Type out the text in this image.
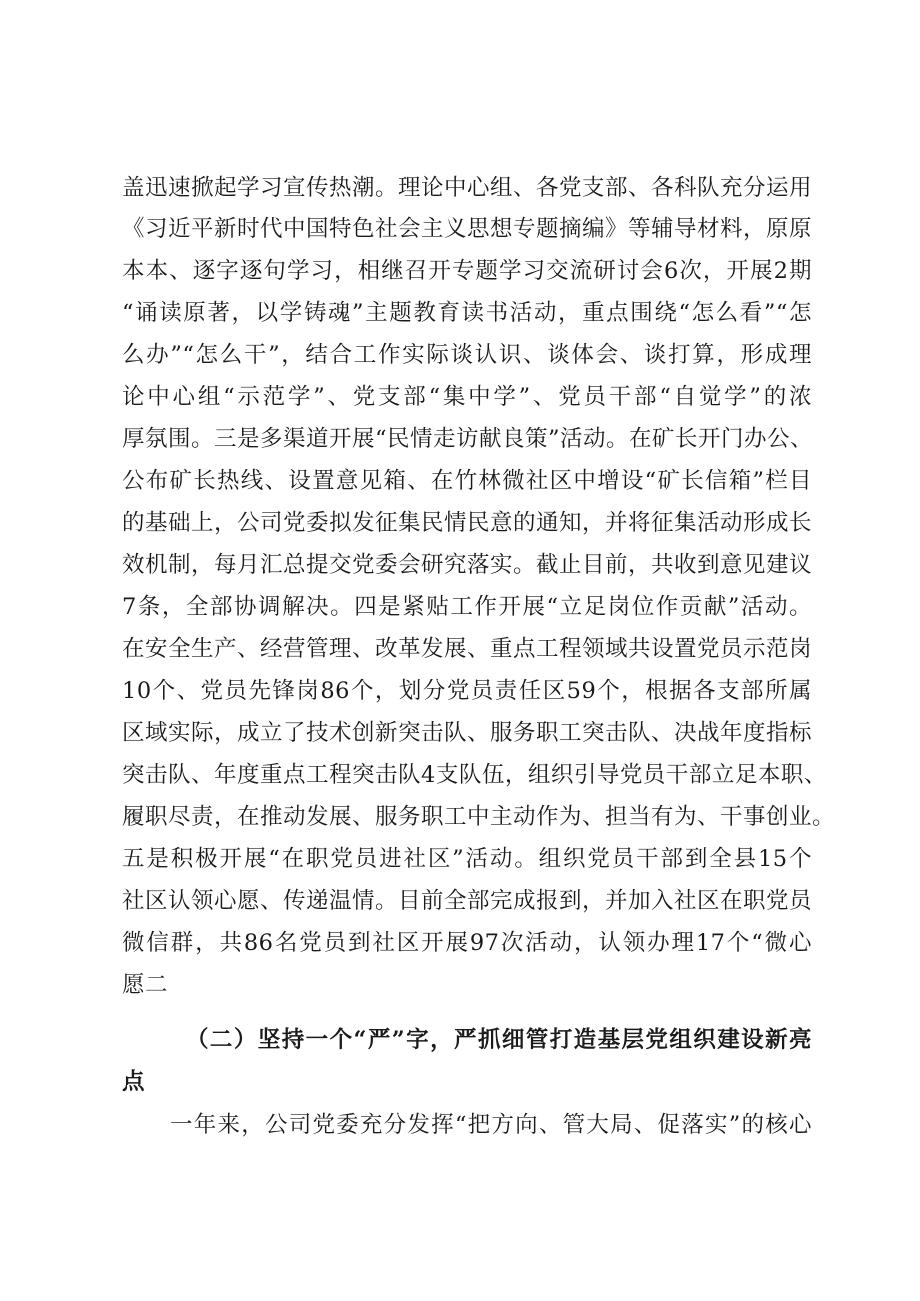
盖迅速掀起学习宣传热潮。理论中心组、各党支部、各科队充分运用
《习近平新时代中国特色社会主义思想专题摘编》等辅导材料，原原
本本、逐字逐句学习，相继召开专题学习交流研讨会6次，开展2期
“诵读原著，以学铸魂”主题教育读书活动，重点围绕“怎么看”“怎
么办”“怎么干”，结合工作实际谈认识、谈体会、谈打算，形成理
论中心组“示范学”、党支部“集中学”、党员干部“自觉学”的浓
厚氛围。三是多渠道开展“民情走访献良策”活动。在矿长开门办公、
公布矿长热线、设置意见箱、在竹林微社区中增设“矿长信箱”栏目
的基础上，公司党委拟发征集民情民意的通知，并将征集活动形成长
效机制，每月汇总提交党委会研究落实。截止目前，共收到意见建议
7条，全部协调解决。四是紧贴工作开展“立足岗位作贡献”活动。
在安全生产、经营管理、改革发展、重点工程领域共设置党员示范岗
10个、党员先锋岗86个，划分党员责任区59个，根据各支部所属
区域实际，成立了技术创新突击队、服务职工突击队、决战年度指标
突击队、年度重点工程突击队4支队伍，组织引导党员干部立足本职、
履职尽责，在推动发展、服务职工中主动作为、担当有为、干事创业。
五是积极开展“在职党员进社区”活动。组织党员干部到全县15个
社区认领心愿、传递温情。目前全部完成报到，并加入社区在职党员
微信群，共86名党员到社区开展97次活动，认领办理17个“微心
愿二
（二）坚持一个“严”字，严抓细管打造基层党组织建设新亮
点
一年来，公司党委充分发挥“把方向、管大局、促落实”的核心
